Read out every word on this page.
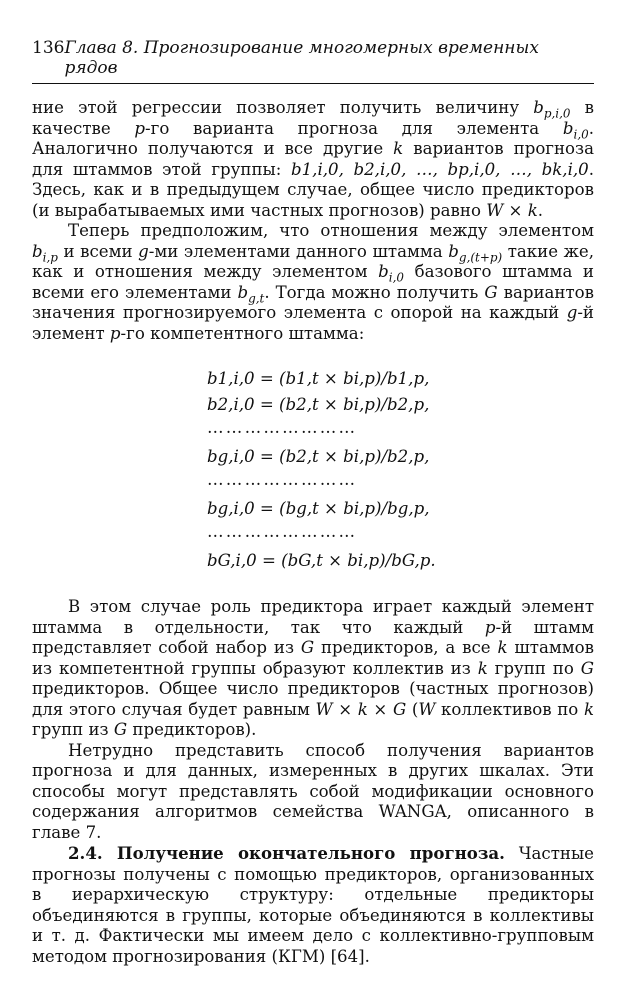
136 Глава 8. Прогнозирование многомерных временных рядов

ние этой регрессии позволяет получить величину $b_{p,i,0}$ в качестве p-го варианта прогноза для элемента $b_{i,0}$. Аналогично получаются и все другие k вариантов прогноза для штаммов этой группы: b1,i,0, b2,i,0, …, bp,i,0, …, bk,i,0. Здесь, как и в предыдущем случае, общее число предикторов (и вырабатываемых ими частных прогнозов) равно W × k.

Теперь предположим, что отношения между элементом $b_{i,p}$ и всеми g-ми элементами данного штамма $b_{g,(t+p)}$ такие же, как и отношения между элементом $b_{i,0}$ базового штамма и всеми его элементами $b_{g,t}$. Тогда можно получить G вариантов значения прогнозируемого элемента с опорой на каждый g-й элемент p-го компетентного штамма:

b1,i,0 = (b1,t × bi,p)/b1,p,
b2,i,0 = (b2,t × bi,p)/b2,p,
……………………
bg,i,0 = (b2,t × bi,p)/b2,p,
……………………
bg,i,0 = (bg,t × bi,p)/bg,p,
……………………
bG,i,0 = (bG,t × bi,p)/bG,p.

В этом случае роль предиктора играет каждый элемент штамма в отдельности, так что каждый p-й штамм представляет собой набор из G предикторов, а все k штаммов из компетентной группы образуют коллектив из k групп по G предикторов. Общее число предикторов (частных прогнозов) для этого случая будет равным W × k × G (W коллективов по k групп из G предикторов).

Нетрудно представить способ получения вариантов прогноза и для данных, измеренных в других шкалах. Эти способы могут представлять собой модификации основного содержания алгоритмов семейства WANGA, описанного в главе 7.

2.4. Получение окончательного прогноза. Частные прогнозы получены с помощью предикторов, организованных в иерархическую структуру: отдельные предикторы объединяются в группы, которые объединяются в коллективы и т. д. Фактически мы имеем дело с коллективно-групповым методом прогнозирования (КГМ) [64].
